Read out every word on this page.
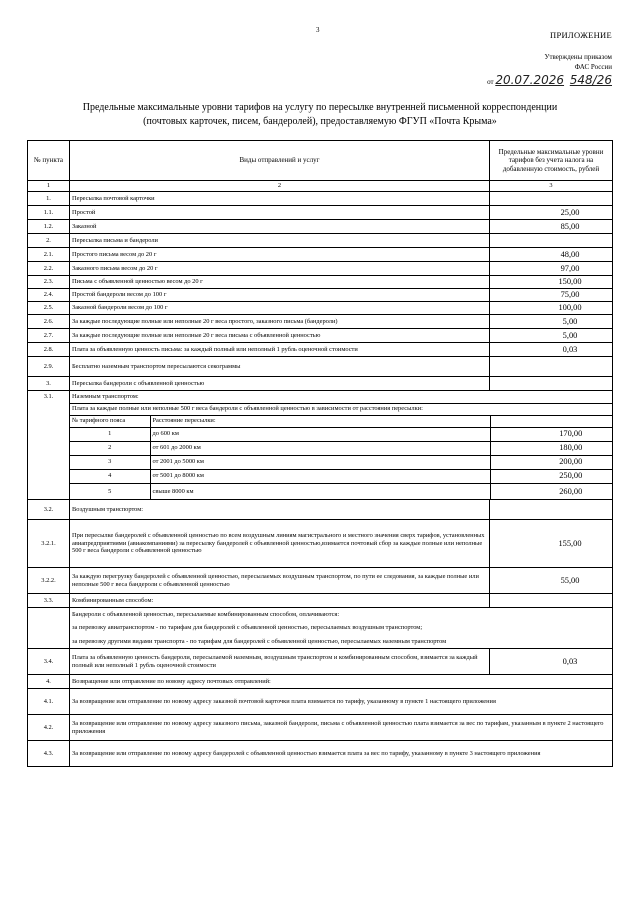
3	ПРИЛОЖЕНИЕ
Утверждены приказом
ФАС России
от 20.07.2026 548/26
Предельные максимальные уровни тарифов на услугу по пересылке внутренней письменной корреспонденции
(почтовых карточек, писем, бандеролей), предоставляемую ФГУП «Почта Крыма»
№ пункта	Виды отправлений и услуг	Предельные максимальные уровни тарифов без учета налога на добавленную стоимость, рублей
1	2	3
1.	Пересылка почтовой карточки	
1.1.	Простой	25,00
1.2.	Заказной	85,00
2.	Пересылка письма и бандероли	
2.1.	Простого письма весом до 20 г	48,00
2.2.	Заказного письма весом до 20 г	97,00
2.3.	Письма с объявленной ценностью весом до 20 г	150,00
2.4.	Простой бандероли весом до 100 г	75,00
2.5.	Заказной бандероли весом до 100 г	100,00
2.6.	За каждые последующие полные или неполные 20 г веса простого, заказного письма (бандероли)	5,00
2.7.	За каждые последующие полные или неполные 20 г веса письма с объявленной ценностью	5,00
2.8.	Плата за объявленную ценность письма: за каждый полный или неполный 1 рубль оценочной стоимости	0,03
2.9.	Бесплатно наземным транспортом пересылаются секограммы	
3.	Пересылка бандероли с объявленной ценностью	
3.1.		Наземным транспортом:
Плата за каждые полные или неполные 500 г веса бандероли с объявленной ценностью в зависимости от расстояния пересылки:
№ тарифного пояса	Расстояние пересылки:	
1	до 600 км	170,00
2	от 601 до 2000 км	180,00
3	от 2001 до 5000 км	200,00
4	от 5001 до 8000 км	250,00
5	свыше 8000 км	260,00

3.2.	Воздушным транспортом:	
3.2.1.	При пересылке бандеролей с объявленной ценностью по всем воздушным линиям магистрального и местного значения сверх тарифов, установленных авиапредприятиями (авиакомпаниями) за пересылку бандеролей с объявленной ценностью,взимается почтовый сбор за каждые полные или неполные 500 г веса бандероли с объявленной ценностью	155,00
3.2.2.	За каждую перегрузку бандеролей с объявленной ценностью, пересылаемых воздушным транспортом, по пути ее следования, за каждые полные или неполные 500 г веса бандероли с объявленной ценностью	55,00
3.3.	Комбинированным способом:	

Бандероли с объявленной ценностью, пересылаемые комбинированным способом, оплачиваются:
за перевозку авиатранспортом - по тарифам для бандеролей с объявленной ценностью, пересылаемых воздушным транспортом;
за перевозку другими видами транспорта - по тарифам для бандеролей с объявленной ценностью, пересылаемых наземным транспортом

3.4.	Плата за объявленную ценность бандероли, пересылаемой наземным, воздушным транспортом и комбинированным способом, взимается за каждый полный или неполный 1 рубль оценочной стоимости	0,03
4.	Возвращение или отправление по новому адресу почтовых отправлений:
4.1.	За возвращение или отправление по новому адресу заказной почтовой карточки плата взимается по тарифу, указанному в пункте 1 настоящего приложения
4.2.	За возвращение или отправление по новому адресу заказного письма, заказной бандероли, письма с объявленной ценностью плата взимается за вес по тарифам, указанным в пункте 2 настоящего приложения
4.3.	За возвращение или отправление по новому адресу бандеролей с объявленной ценностью взимается плата за вес по тарифу, указанному в пункте 3 настоящего приложения
